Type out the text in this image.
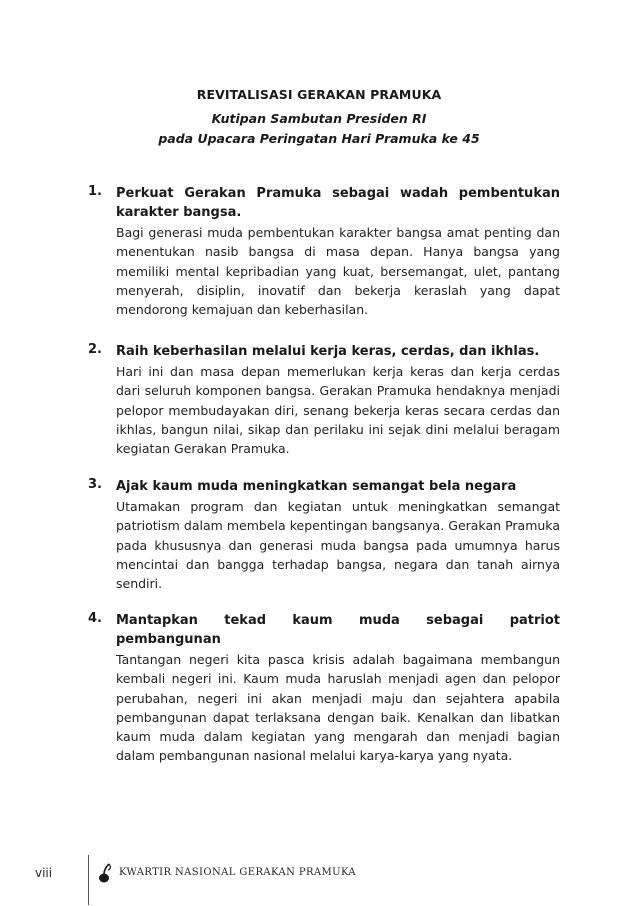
REVITALISASI GERAKAN PRAMUKA
Kutipan Sambutan Presiden RI
pada Upacara Peringatan Hari Pramuka ke 45
1. Perkuat Gerakan Pramuka sebagai wadah pembentukan karakter bangsa.
Bagi generasi muda pembentukan karakter bangsa amat penting dan menentukan nasib bangsa di masa depan. Hanya bangsa yang memiliki mental kepribadian yang kuat, bersemangat, ulet, pantang menyerah, disiplin, inovatif dan bekerja keraslah yang dapat mendorong kemajuan dan keberhasilan.
2. Raih keberhasilan melalui kerja keras, cerdas, dan ikhlas.
Hari ini dan masa depan memerlukan kerja keras dan kerja cerdas dari seluruh komponen bangsa. Gerakan Pramuka hendaknya menjadi pelopor membudayakan diri, senang bekerja keras secara cerdas dan ikhlas, bangun nilai, sikap dan perilaku ini sejak dini melalui beragam kegiatan Gerakan Pramuka.
3. Ajak kaum muda meningkatkan semangat bela negara
Utamakan program dan kegiatan untuk meningkatkan semangat patriotism dalam membela kepentingan bangsanya. Gerakan Pramuka pada khususnya dan generasi muda bangsa pada umumnya harus mencintai dan bangga terhadap bangsa, negara dan tanah airnya sendiri.
4. Mantapkan tekad kaum muda sebagai patriot pembangunan
Tantangan negeri kita pasca krisis adalah bagaimana membangun kembali negeri ini. Kaum muda haruslah menjadi agen dan pelopor perubahan, negeri ini akan menjadi maju dan sejahtera apabila pembangunan dapat terlaksana dengan baik. Kenalkan dan libatkan kaum muda dalam kegiatan yang mengarah dan menjadi bagian dalam pembangunan nasional melalui karya-karya yang nyata.
viii	KWARTIR NASIONAL GERAKAN PRAMUKA
